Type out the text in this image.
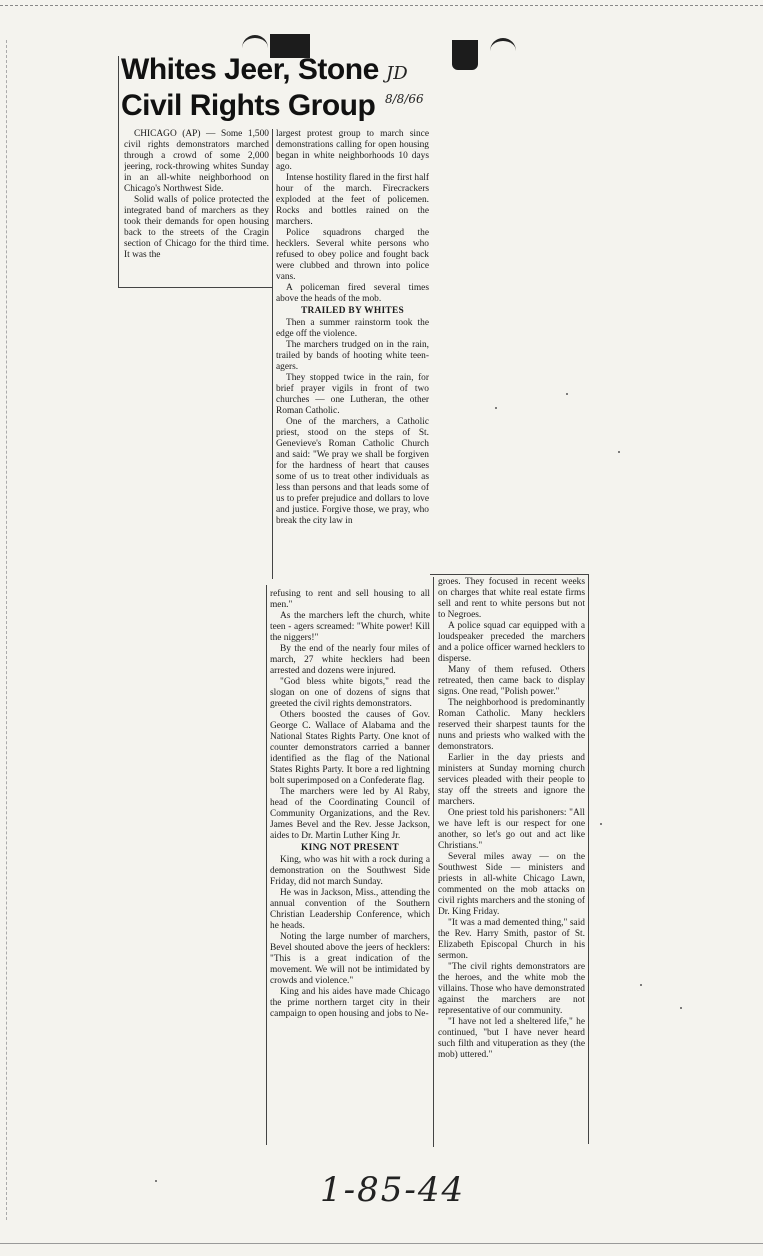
Whites Jeer, Stone
Civil Rights Group
JD
8/8/66

CHICAGO (AP) — Some 1,500 civil rights demonstrators marched through a crowd of some 2,000 jeering, rock-throwing whites Sunday in an all-white neighborhood on Chicago's Northwest Side.

Solid walls of police protected the integrated band of marchers as they took their demands for open housing back to the streets of the Cragin section of Chicago for the third time. It was the

largest protest group to march since demonstrations calling for open housing began in white neighborhoods 10 days ago.

Intense hostility flared in the first half hour of the march. Firecrackers exploded at the feet of policemen. Rocks and bottles rained on the marchers.

Police squadrons charged the hecklers. Several white persons who refused to obey police and fought back were clubbed and thrown into police vans.

A policeman fired several times above the heads of the mob.

TRAILED BY WHITES

Then a summer rainstorm took the edge off the violence.

The marchers trudged on in the rain, trailed by bands of hooting white teen-agers.

They stopped twice in the rain, for brief prayer vigils in front of two churches — one Lutheran, the other Roman Catholic.

One of the marchers, a Catholic priest, stood on the steps of St. Genevieve's Roman Catholic Church and said: "We pray we shall be forgiven for the hardness of heart that causes some of us to treat other individuals as less than persons and that leads some of us to prefer prejudice and dollars to love and justice. Forgive those, we pray, who break the city law in

refusing to rent and sell housing to all men."

As the marchers left the church, white teen - agers screamed: "White power! Kill the niggers!"

By the end of the nearly four miles of march, 27 white hecklers had been arrested and dozens were injured.

"God bless white bigots," read the slogan on one of dozens of signs that greeted the civil rights demonstrators.

Others boosted the causes of Gov. George C. Wallace of Alabama and the National States Rights Party. One knot of counter demonstrators carried a banner identified as the flag of the National States Rights Party. It bore a red lightning bolt superimposed on a Confederate flag.

The marchers were led by Al Raby, head of the Coordinating Council of Community Organizations, and the Rev. James Bevel and the Rev. Jesse Jackson, aides to Dr. Martin Luther King Jr.

KING NOT PRESENT

King, who was hit with a rock during a demonstration on the Southwest Side Friday, did not march Sunday.

He was in Jackson, Miss., attending the annual convention of the Southern Christian Leadership Conference, which he heads.

Noting the large number of marchers, Bevel shouted above the jeers of hecklers: "This is a great indication of the movement. We will not be intimidated by crowds and violence."

King and his aides have made Chicago the prime northern target city in their campaign to open housing and jobs to Ne-

groes. They focused in recent weeks on charges that white real estate firms sell and rent to white persons but not to Negroes.

A police squad car equipped with a loudspeaker preceded the marchers and a police officer warned hecklers to disperse.

Many of them refused. Others retreated, then came back to display signs. One read, "Polish power."

The neighborhood is predominantly Roman Catholic. Many hecklers reserved their sharpest taunts for the nuns and priests who walked with the demonstrators.

Earlier in the day priests and ministers at Sunday morning church services pleaded with their people to stay off the streets and ignore the marchers.

One priest told his parishoners: "All we have left is our respect for one another, so let's go out and act like Christians."

Several miles away — on the Southwest Side — ministers and priests in all-white Chicago Lawn, commented on the mob attacks on civil rights marchers and the stoning of Dr. King Friday.

"It was a mad demented thing," said the Rev. Harry Smith, pastor of St. Elizabeth Episcopal Church in his sermon.

"The civil rights demonstrators are the heroes, and the white mob the villains. Those who have demonstrated against the marchers are not representative of our community.

"I have not led a sheltered life," he continued, "but I have never heard such filth and vituperation as they (the mob) uttered."

1-85-44
